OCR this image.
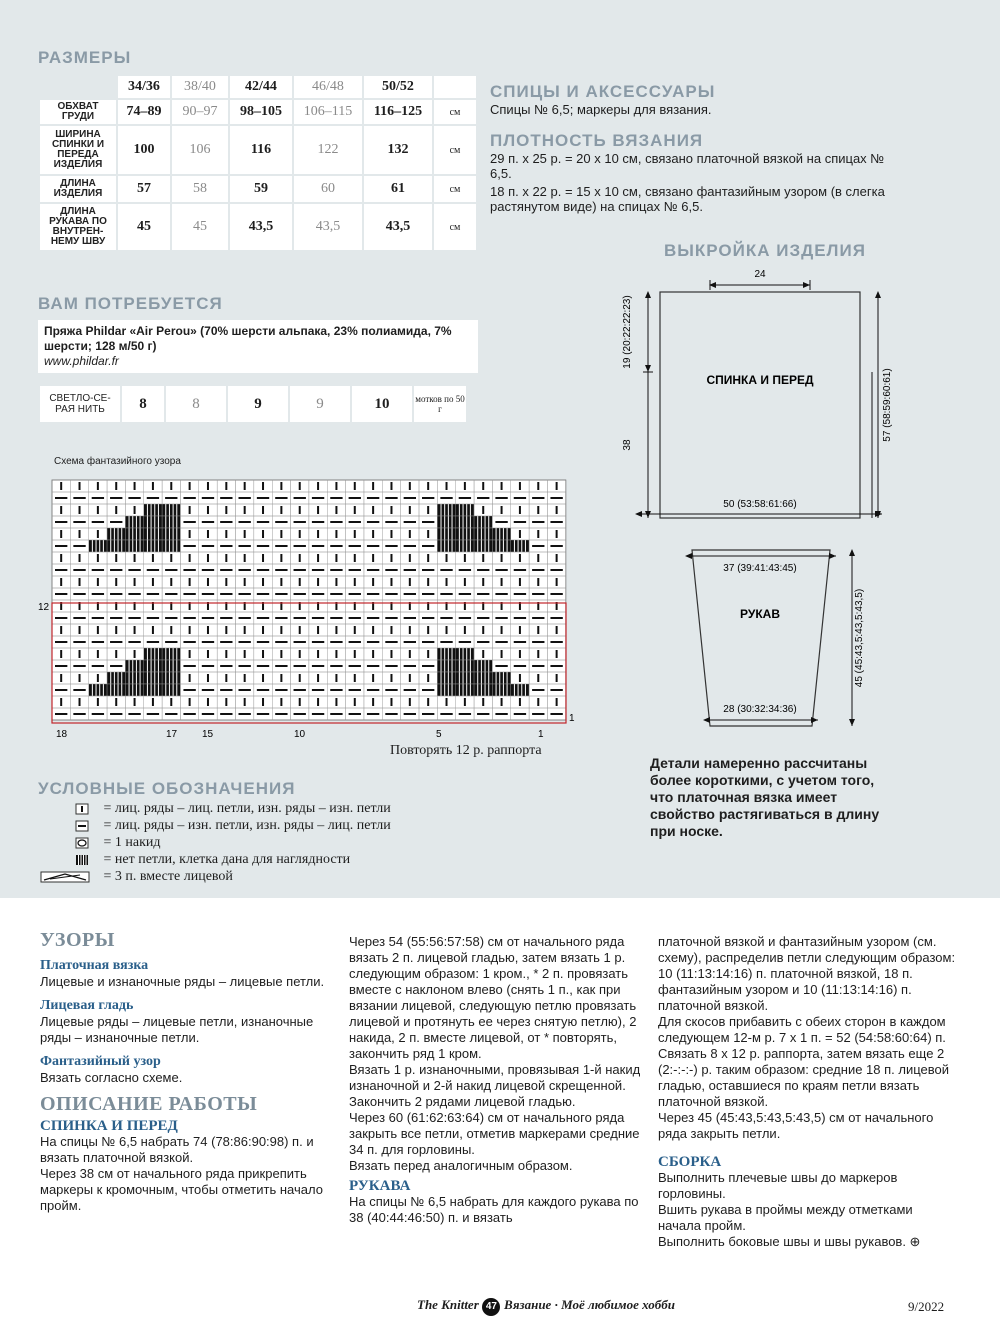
РАЗМЕРЫ
	34/36	38/40	42/44	46/48	50/52	
ОБХВАТ ГРУДИ	74–89	90–97	98–105	106–115	116–125	см
ШИРИНА СПИНКИ И ПЕРЕДА ИЗДЕЛИЯ	100	106	116	122	132	см
ДЛИНА ИЗДЕЛИЯ	57	58	59	60	61	см
ДЛИНА РУКАВА ПО ВНУТРЕН-НЕМУ ШВУ	45	45	43,5	43,5	43,5	см
СПИЦЫ И АКСЕССУАРЫ
Спицы № 6,5; маркеры для вязания.
ПЛОТНОСТЬ ВЯЗАНИЯ
29 п. х 25 р. = 20 х 10 см, связано платочной вязкой на спицах № 6,5.
18 п. х 22 р. = 15 х 10 см, связано фантазийным узором (в слегка растянутом виде) на спицах № 6,5.
ВАМ ПОТРЕБУЕТСЯ
Пряжа Phildar «Air Perou» (70% шерсти альпака, 23% полиамида, 7% шерсти; 128 м/50 г)
www.phildar.fr
СВЕТЛО-СЕ-РАЯ НИТЬ	8	8	9	9	10	мотков по 50 г
Схема фантазийного узора
12
1
18	17 15	10	5	1
Повторять 12 р. раппорта
УСЛОВНЫЕ ОБОЗНАЧЕНИЯ
= лиц. ряды – лиц. петли, изн. ряды – изн. петли
= лиц. ряды – изн. петли, изн. ряды – лиц. петли
= 1 накид
= нет петли, клетка дана для наглядности
= 3 п. вместе лицевой
ВЫКРОЙКА ИЗДЕЛИЯ
24
19 (20:22:22:23)
38
57 (58:59:60:61)
СПИНКА И ПЕРЕД
50 (53:58:61:66)
37 (39:41:43:45)
РУКАВ
28 (30:32:34:36)
45 (45:43,5:43,5:43,5)
Детали намеренно рассчитаны более короткими, с учетом того, что платочная вязка имеет свойство растягиваться в длину при носке.
УЗОРЫ
Платочная вязка
Лицевые и изнаночные ряды – лицевые петли.
Лицевая гладь
Лицевые ряды – лицевые петли, изнаночные ряды – изнаночные петли.
Фантазийный узор
Вязать согласно схеме.
ОПИСАНИЕ РАБОТЫ
СПИНКА И ПЕРЕД
На спицы № 6,5 набрать 74 (78:86:90:98) п. и вязать платочной вязкой.
Через 38 см от начального ряда прикрепить маркеры к кромочным, чтобы отметить начало пройм.
Через 54 (55:56:57:58) см от начального ряда вязать 2 п. лицевой гладью, затем вязать 1 р. следующим образом: 1 кром., * 2 п. провязать вместе с наклоном влево (снять 1 п., как при вязании лицевой, следующую петлю провязать лицевой и протянуть ее через снятую петлю), 2 накида, 2 п. вместе лицевой, от * повторять, закончить ряд 1 кром.
Вязать 1 р. изнаночными, провязывая 1-й накид изнаночной и 2-й накид лицевой скрещенной.
Закончить 2 рядами лицевой гладью.
Через 60 (61:62:63:64) см от начального ряда закрыть все петли, отметив маркерами средние 34 п. для горловины.
Вязать перед аналогичным образом.
РУКАВА
На спицы № 6,5 набрать для каждого рукава по 38 (40:44:46:50) п. и вязать
платочной вязкой и фантазийным узором (см. схему), распределив петли следующим образом: 10 (11:13:14:16) п. платочной вязкой, 18 п. фантазийным узором и 10 (11:13:14:16) п. платочной вязкой.
Для скосов прибавить с обеих сторон в каждом следующем 12-м р. 7 х 1 п. = 52 (54:58:60:64) п.
Связать 8 х 12 р. раппорта, затем вязать еще 2 (2:-:-:-) р. таким образом: средние 18 п. лицевой гладью, оставшиеся по краям петли вязать платочной вязкой.
Через 45 (45:43,5:43,5:43,5) см от начального ряда закрыть петли.
СБОРКА
Выполнить плечевые швы до маркеров горловины.
Вшить рукава в проймы между отметками начала пройм.
Выполнить боковые швы и швы рукавов. ⊕
The Knitter 47 Вязание · Моё любимое хобби	9/2022
